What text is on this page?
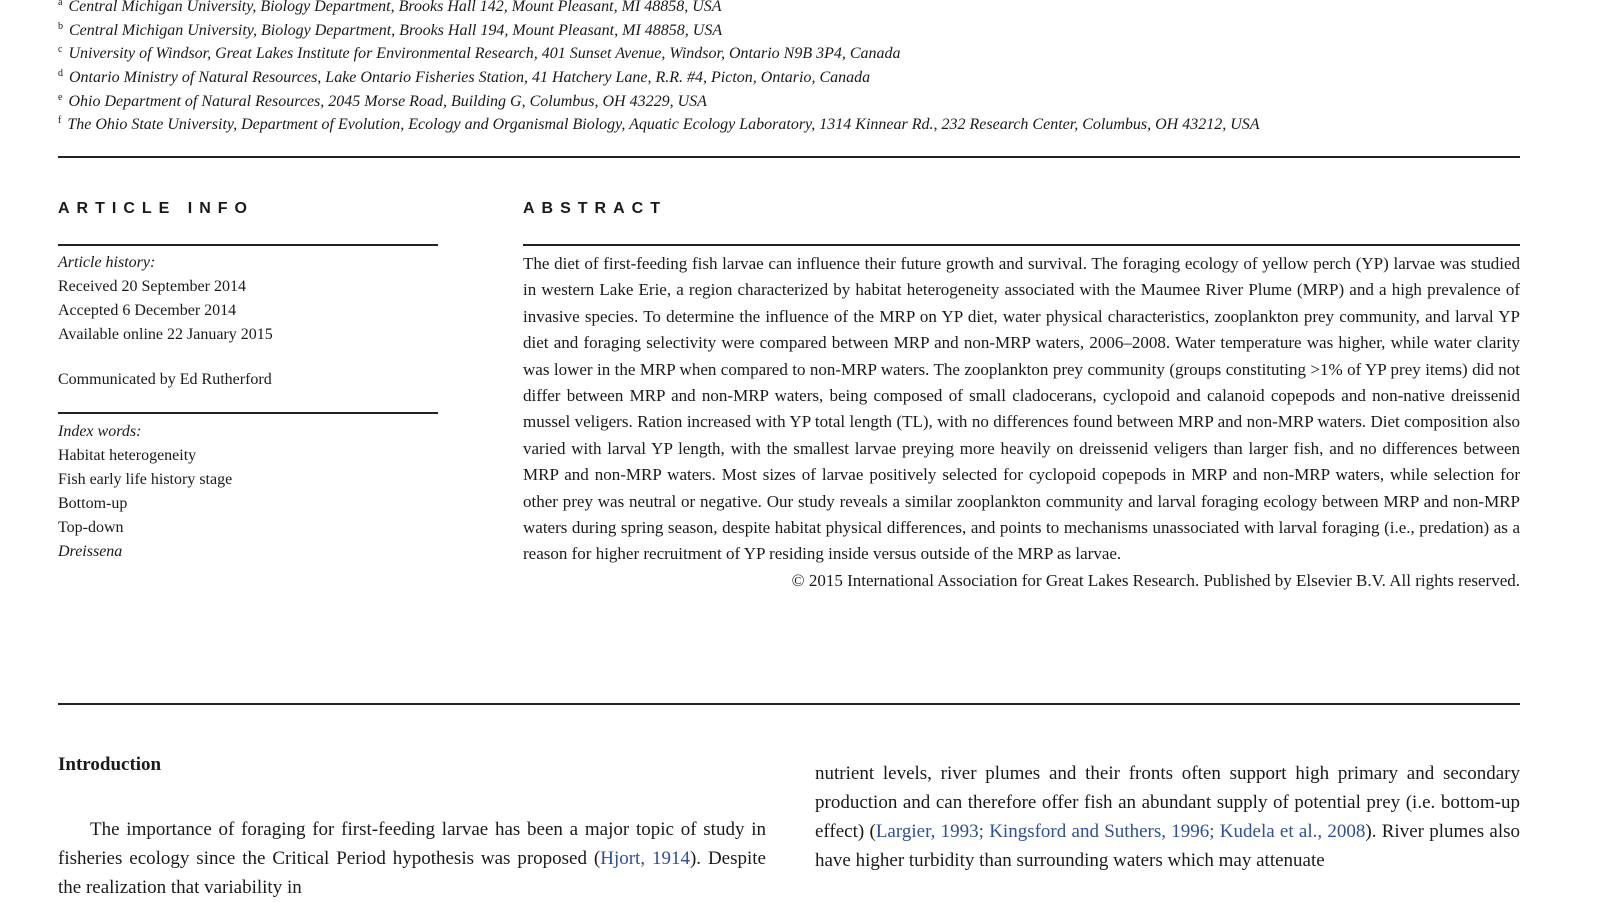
$^a$ Central Michigan University, Biology Department, Brooks Hall 142, Mount Pleasant, MI 48858, USA
$^b$ Central Michigan University, Biology Department, Brooks Hall 194, Mount Pleasant, MI 48858, USA
$^c$ University of Windsor, Great Lakes Institute for Environmental Research, 401 Sunset Avenue, Windsor, Ontario N9B 3P4, Canada
$^d$ Ontario Ministry of Natural Resources, Lake Ontario Fisheries Station, 41 Hatchery Lane, R.R. #4, Picton, Ontario, Canada
$^e$ Ohio Department of Natural Resources, 2045 Morse Road, Building G, Columbus, OH 43229, USA
$^f$ The Ohio State University, Department of Evolution, Ecology and Organismal Biology, Aquatic Ecology Laboratory, 1314 Kinnear Rd., 232 Research Center, Columbus, OH 43212, USA
ARTICLE INFO
Article history:
Received 20 September 2014
Accepted 6 December 2014
Available online 22 January 2015
Communicated by Ed Rutherford
Index words:
Habitat heterogeneity
Fish early life history stage
Bottom-up
Top-down
Dreissena
ABSTRACT
The diet of first-feeding fish larvae can influence their future growth and survival. The foraging ecology of yellow perch (YP) larvae was studied in western Lake Erie, a region characterized by habitat heterogeneity associated with the Maumee River Plume (MRP) and a high prevalence of invasive species. To determine the influence of the MRP on YP diet, water physical characteristics, zooplankton prey community, and larval YP diet and foraging selectivity were compared between MRP and non-MRP waters, 2006–2008. Water temperature was higher, while water clarity was lower in the MRP when compared to non-MRP waters. The zooplankton prey community (groups constituting >1% of YP prey items) did not differ between MRP and non-MRP waters, being composed of small cladocerans, cyclopoid and calanoid copepods and non-native dreissenid mussel veligers. Ration increased with YP total length (TL), with no differences found between MRP and non-MRP waters. Diet composition also varied with larval YP length, with the smallest larvae preying more heavily on dreissenid veligers than larger fish, and no differences between MRP and non-MRP waters. Most sizes of larvae positively selected for cyclopoid copepods in MRP and non-MRP waters, while selection for other prey was neutral or negative. Our study reveals a similar zooplankton community and larval foraging ecology between MRP and non-MRP waters during spring season, despite habitat physical differences, and points to mechanisms unassociated with larval foraging (i.e., predation) as a reason for higher recruitment of YP residing inside versus outside of the MRP as larvae.
© 2015 International Association for Great Lakes Research. Published by Elsevier B.V. All rights reserved.
Introduction
The importance of foraging for first-feeding larvae has been a major topic of study in fisheries ecology since the Critical Period hypothesis was proposed (Hjort, 1914). Despite the realization that variability in
nutrient levels, river plumes and their fronts often support high primary and secondary production and can therefore offer fish an abundant supply of potential prey (i.e. bottom-up effect) (Largier, 1993; Kingsford and Suthers, 1996; Kudela et al., 2008). River plumes also have higher turbidity than surrounding waters which may attenuate
